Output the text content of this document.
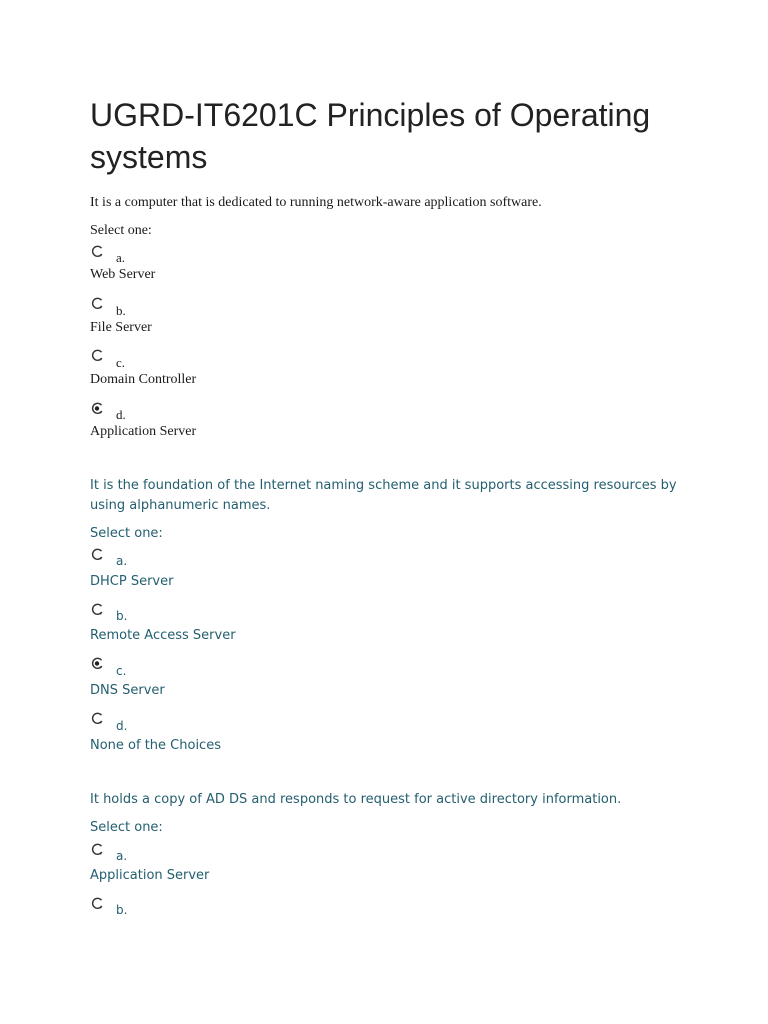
UGRD-IT6201C Principles of Operating systems

It is a computer that is dedicated to running network-aware application software.

Select one:
a.
Web Server
b.
File Server
c.
Domain Controller
d.
Application Server

It is the foundation of the Internet naming scheme and it supports accessing resources by using alphanumeric names.

Select one:
a.
DHCP Server
b.
Remote Access Server
c.
DNS Server
d.
None of the Choices

It holds a copy of AD DS and responds to request for active directory information.

Select one:
a.
Application Server
b.
